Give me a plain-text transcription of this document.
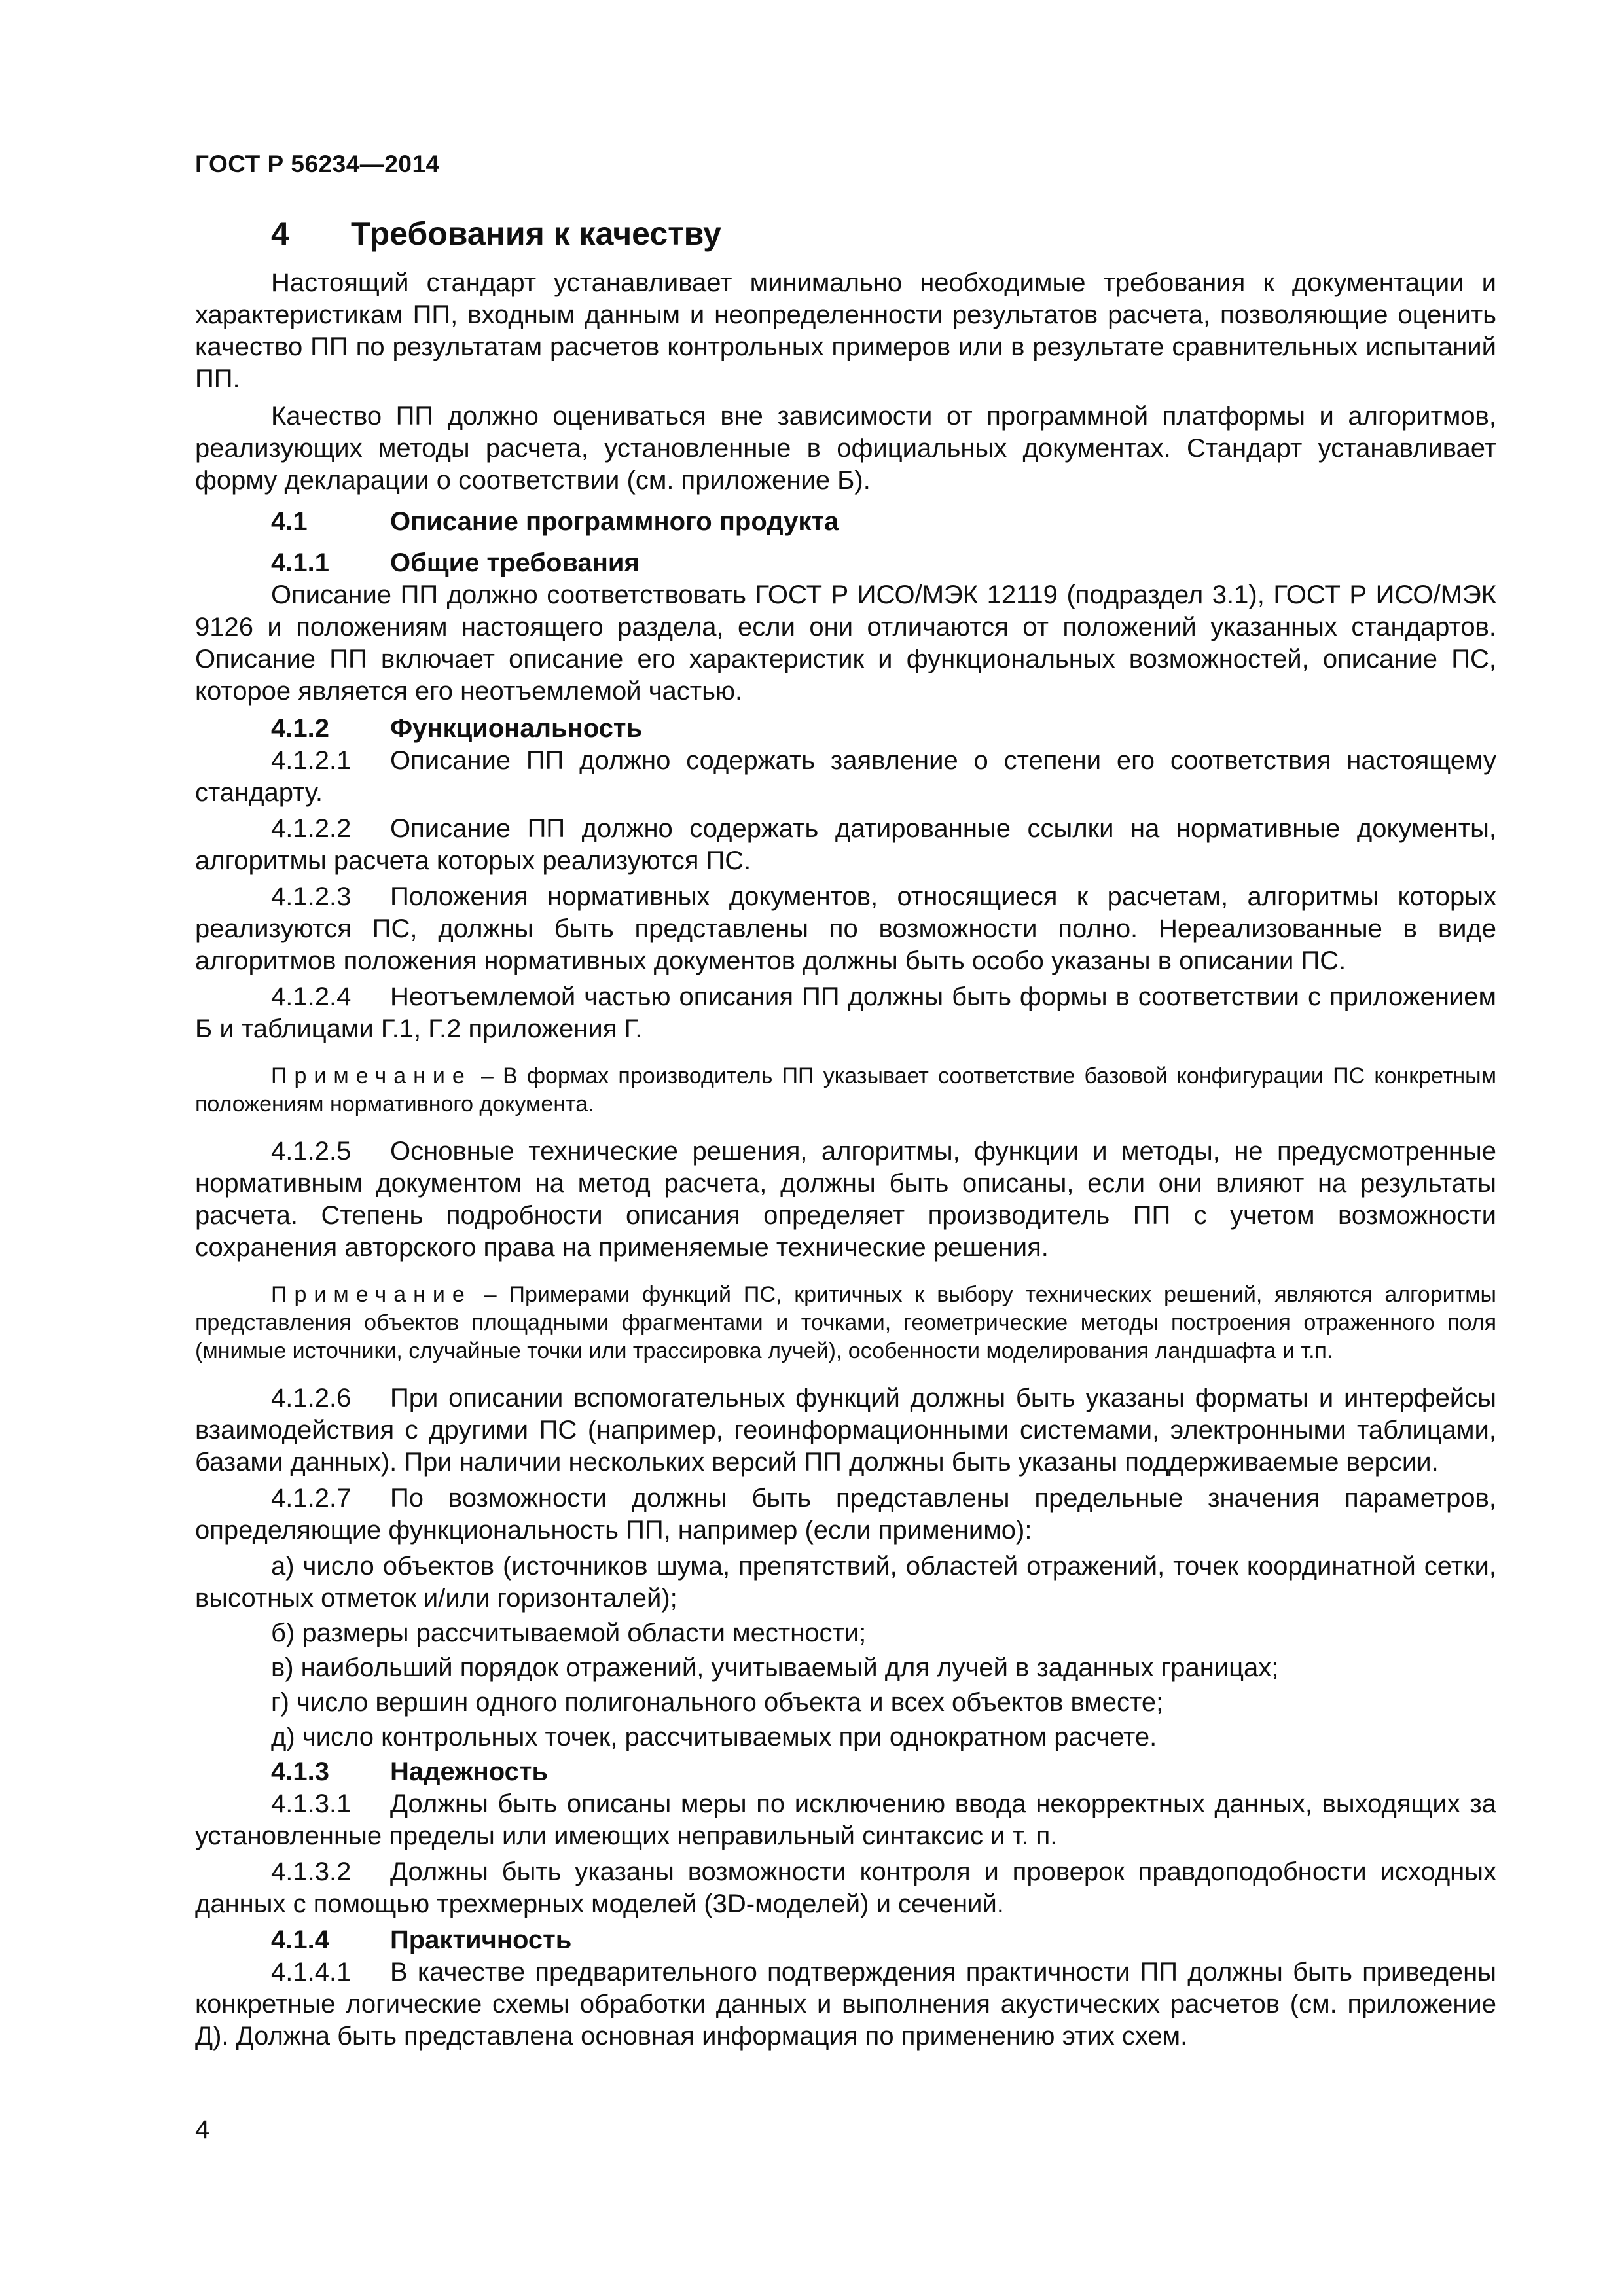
ГОСТ Р 56234—2014
4	Требования к качеству

Настоящий стандарт устанавливает минимально необходимые требования к документации и характеристикам ПП, входным данным и неопределенности результатов расчета, позволяющие оценить качество ПП по результатам расчетов контрольных примеров или в результате сравнительных испытаний ПП.

Качество ПП должно оцениваться вне зависимости от программной платформы и алгоритмов, реализующих методы расчета, установленные в официальных документах. Стандарт устанавливает форму декларации о соответствии (см. приложение Б).

4.1	Описание программного продукта
4.1.1	Общие требования

Описание ПП должно соответствовать ГОСТ Р ИСО/МЭК 12119 (подраздел 3.1), ГОСТ Р ИСО/МЭК 9126 и положениям настоящего раздела, если они отличаются от положений указанных стандартов. Описание ПП включает описание его характеристик и функциональных возможностей, описание ПС, которое является его неотъемлемой частью.

4.1.2	Функциональность

4.1.2.1 Описание ПП должно содержать заявление о степени его соответствия настоящему стандарту.

4.1.2.2 Описание ПП должно содержать датированные ссылки на нормативные документы, алгоритмы расчета которых реализуются ПС.

4.1.2.3 Положения нормативных документов, относящиеся к расчетам, алгоритмы которых реализуются ПС, должны быть представлены по возможности полно. Нереализованные в виде алгоритмов положения нормативных документов должны быть особо указаны в описании ПС.

4.1.2.4 Неотъемлемой частью описания ПП должны быть формы в соответствии с приложением Б и таблицами Г.1, Г.2 приложения Г.

Примечание – В формах производитель ПП указывает соответствие базовой конфигурации ПС конкретным положениям нормативного документа.

4.1.2.5 Основные технические решения, алгоритмы, функции и методы, не предусмотренные нормативным документом на метод расчета, должны быть описаны, если они влияют на результаты расчета. Степень подробности описания определяет производитель ПП с учетом возможности сохранения авторского права на применяемые технические решения.

Примечание – Примерами функций ПС, критичных к выбору технических решений, являются алгоритмы представления объектов площадными фрагментами и точками, геометрические методы построения отраженного поля (мнимые источники, случайные точки или трассировка лучей), особенности моделирования ландшафта и т.п.

4.1.2.6 При описании вспомогательных функций должны быть указаны форматы и интерфейсы взаимодействия с другими ПС (например, геоинформационными системами, электронными таблицами, базами данных). При наличии нескольких версий ПП должны быть указаны поддерживаемые версии.

4.1.2.7 По возможности должны быть представлены предельные значения параметров, определяющие функциональность ПП, например (если применимо):

а) число объектов (источников шума, препятствий, областей отражений, точек координатной сетки, высотных отметок и/или горизонталей);

б) размеры рассчитываемой области местности;

в) наибольший порядок отражений, учитываемый для лучей в заданных границах;

г) число вершин одного полигонального объекта и всех объектов вместе;

д) число контрольных точек, рассчитываемых при однократном расчете.

4.1.3	Надежность

4.1.3.1 Должны быть описаны меры по исключению ввода некорректных данных, выходящих за установленные пределы или имеющих неправильный синтаксис и т. п.

4.1.3.2 Должны быть указаны возможности контроля и проверок правдоподобности исходных данных с помощью трехмерных моделей (3D-моделей) и сечений.

4.1.4	Практичность

4.1.4.1 В качестве предварительного подтверждения практичности ПП должны быть приведены конкретные логические схемы обработки данных и выполнения акустических расчетов (см. приложение Д). Должна быть представлена основная информация по применению этих схем.

4
